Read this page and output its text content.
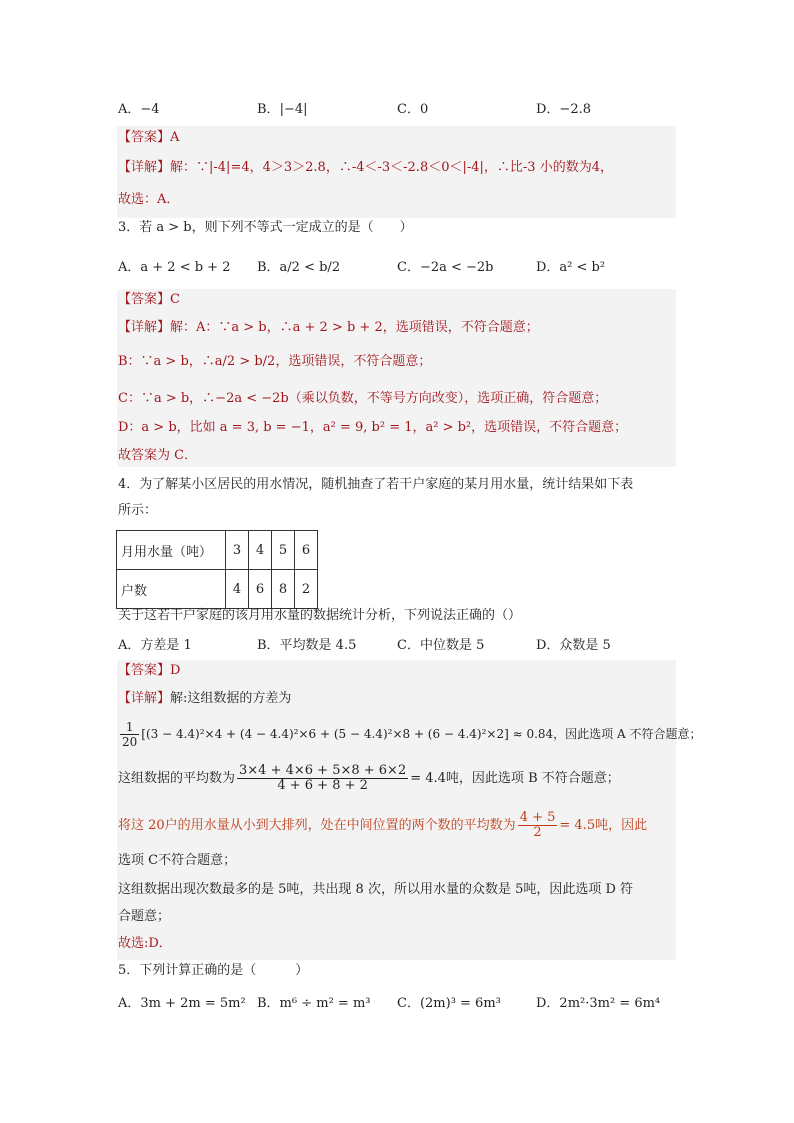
A．−4	B．|−4|	C．0	D．−2.8
【答案】A
【详解】解：∵|-4|=4，4＞3＞2.8，∴-4＜-3＜-2.8＜0＜|-4|，∴比-3 小的数为4，
故选：A．
3．若 a > b，则下列不等式一定成立的是（　　）
A．a + 2 < b + 2 B．a/2 < b/2	C．−2a < −2b	D．a² < b²
【答案】C
【详解】解：A：∵a > b，∴a + 2 > b + 2，选项错误，不符合题意；
B：∵a > b，∴a/2 > b/2，选项错误，不符合题意；
C：∵a > b，∴−2a < −2b（乘以负数，不等号方向改变），选项正确，符合题意；
D：a > b，比如 a = 3, b = −1，a² = 9, b² = 1，a² > b²，选项错误，不符合题意；
故答案为 C．
4．为了解某小区居民的用水情况，随机抽查了若干户家庭的某月用水量，统计结果如下表
所示：
月用水量（吨）	3	4	5	6
户数	4	6	8	2
关于这若干户家庭的该月用水量的数据统计分析，下列说法正确的（）
A．方差是 1	B．平均数是 4.5	C．中位数是 5	D．众数是 5
【答案】D
【详解】解:这组数据的方差为
$\frac{1}{20} [(3 - 4.4)^2\times 4 + (4 - 4.4)^2\times 6 + (5 - 4.4)^2\times 8 + (6 - 4.4)^2\times 2] \approx 0.84$，因此选项 A 不符合题意；
这组数据的平均数为 $\frac{3\times 4 + 4\times 6 + 5\times 8 + 6\times 2}{4 + 6 + 8 + 2} = 4.4$吨，因此选项 B 不符合题意；
将这 20户的用水量从小到大排列，处在中间位置的两个数的平均数为 $\frac{4 + 5}{2} = 4.5$吨，因此
选项 C不符合题意；
这组数据出现次数最多的是 5吨，共出现 8 次，所以用水量的众数是 5吨，因此选项 D 符
合题意；
故选:D．
5．下列计算正确的是（　　　）
A．3m + 2m = 5m² B．m⁶ ÷ m² = m³ C．(2m)³ = 6m³	D．2m²·3m² = 6m⁴
